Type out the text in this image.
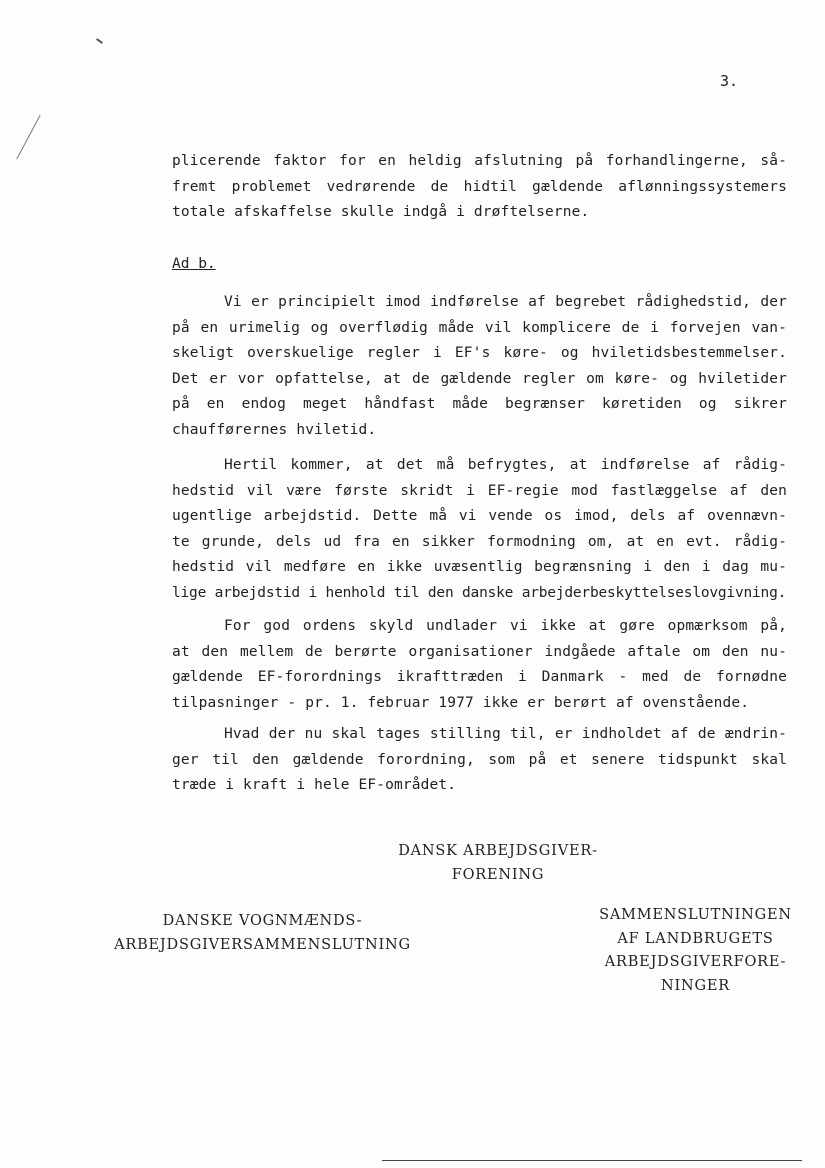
3.
plicerende faktor for en heldig afslutning på forhandlingerne, så-
fremt problemet vedrørende de hidtil gældende aflønningssystemers
totale afskaffelse skulle indgå i drøftelserne.
Ad b.
Vi er principielt imod indførelse af begrebet rådighedstid, der
på en urimelig og overflødig måde vil komplicere de i forvejen van-
skeligt overskuelige regler i EF's køre- og hviletidsbestemmelser.
Det er vor opfattelse, at de gældende regler om køre- og hviletider
på en endog meget håndfast måde begrænser køretiden og sikrer
chaufførernes hviletid.
Hertil kommer, at det må befrygtes, at indførelse af rådig-
hedstid vil være første skridt i EF-regie mod fastlæggelse af den
ugentlige arbejdstid. Dette må vi vende os imod, dels af ovennævn-
te grunde, dels ud fra en sikker formodning om, at en evt. rådig-
hedstid vil medføre en ikke uvæsentlig begrænsning i den i dag mu-
lige arbejdstid i henhold til den danske arbejderbeskyttelseslovgivning.
For god ordens skyld undlader vi ikke at gøre opmærksom på,
at den mellem de berørte organisationer indgåede aftale om den nu-
gældende EF-forordnings ikrafttræden i Danmark - med de fornødne
tilpasninger - pr. 1. februar 1977 ikke er berørt af ovenstående.
Hvad der nu skal tages stilling til, er indholdet af de ændrin-
ger til den gældende forordning, som på et senere tidspunkt skal
træde i kraft i hele EF-området.
DANSK ARBEJDSGIVER-
FORENING
DANSKE VOGNMÆNDS-
ARBEJDSGIVERSAMMENSLUTNING
SAMMENSLUTNINGEN
AF LANDBRUGETS
ARBEJDSGIVERFORE-
NINGER
